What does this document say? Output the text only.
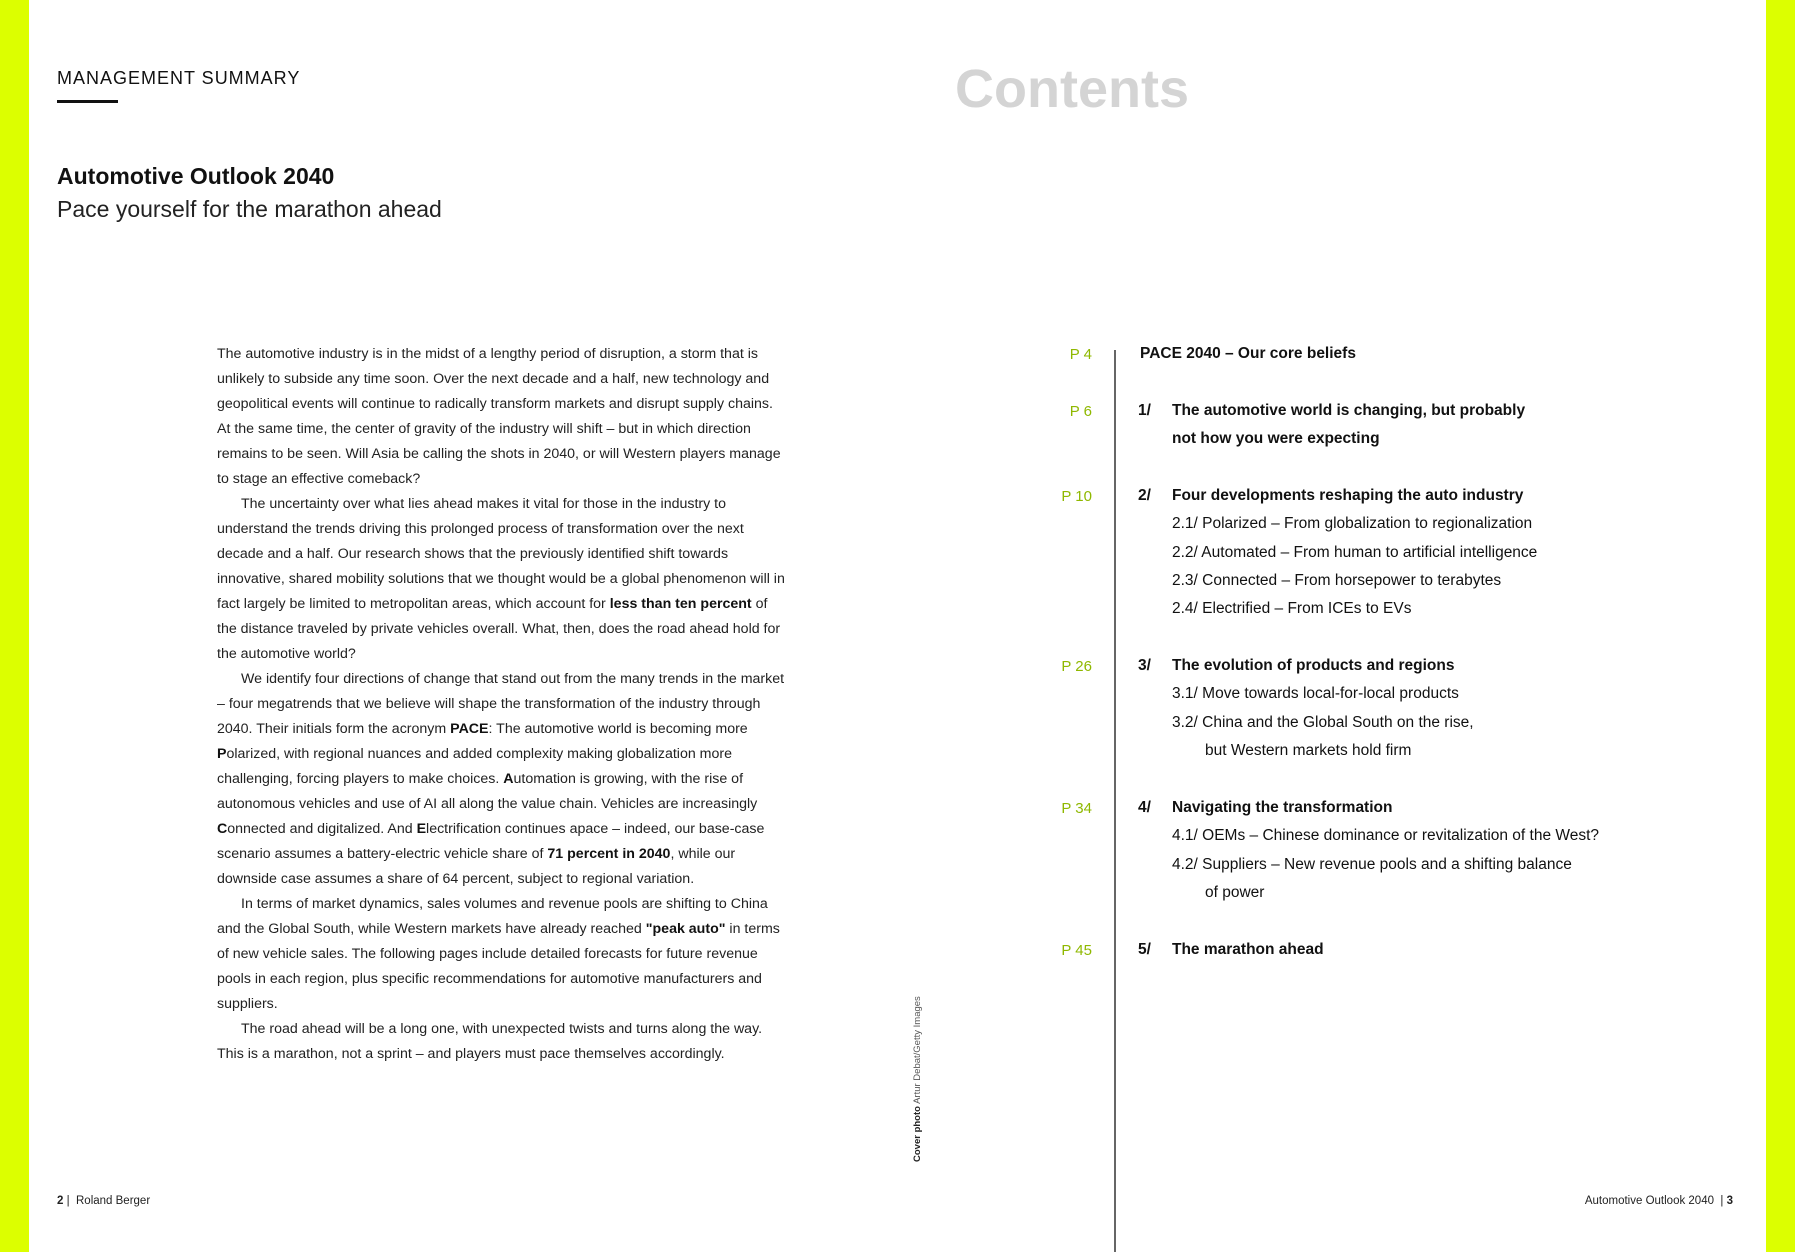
MANAGEMENT SUMMARY
Automotive Outlook 2040
Pace yourself for the marathon ahead

The automotive industry is in the midst of a lengthy period of disruption, a storm that is unlikely to subside any time soon. Over the next decade and a half, new technology and geopolitical events will continue to radically transform markets and disrupt supply chains. At the same time, the center of gravity of the industry will shift – but in which direction remains to be seen. Will Asia be calling the shots in 2040, or will Western players manage to stage an effective comeback?

The uncertainty over what lies ahead makes it vital for those in the industry to understand the trends driving this prolonged process of transformation over the next decade and a half. Our research shows that the previously identified shift towards innovative, shared mobility solutions that we thought would be a global phenomenon will in fact largely be limited to metropolitan areas, which account for less than ten percent of the distance traveled by private vehicles overall. What, then, does the road ahead hold for the automotive world?

We identify four directions of change that stand out from the many trends in the market – four megatrends that we believe will shape the transformation of the industry through 2040. Their initials form the acronym PACE: The automotive world is becoming more Polarized, with regional nuances and added complexity making globalization more challenging, forcing players to make choices. Automation is growing, with the rise of autonomous vehicles and use of AI all along the value chain. Vehicles are increasingly Connected and digitalized. And Electrification continues apace – indeed, our base-case scenario assumes a battery-electric vehicle share of 71 percent in 2040, while our downside case assumes a share of 64 percent, subject to regional variation.

In terms of market dynamics, sales volumes and revenue pools are shifting to China and the Global South, while Western markets have already reached "peak auto" in terms of new vehicle sales. The following pages include detailed forecasts for future revenue pools in each region, plus specific recommendations for automotive manufacturers and suppliers.

The road ahead will be a long one, with unexpected twists and turns along the way. This is a marathon, not a sprint – and players must pace themselves accordingly.

Cover photo Artur Debat/Getty Images
2 | Roland Berger
Contents
P 4	PACE 2040 – Our core beliefs
P 6	1/ The automotive world is changing, but probably
not how you were expecting
P 10	2/ Four developments reshaping the auto industry
2.1/ Polarized – From globalization to regionalization
2.2/ Automated – From human to artificial intelligence
2.3/ Connected – From horsepower to terabytes
2.4/ Electrified – From ICEs to EVs
P 26	3/ The evolution of products and regions
3.1/ Move towards local-for-local products
3.2/ China and the Global South on the rise,
but Western markets hold firm
P 34	4/ Navigating the transformation
4.1/ OEMs – Chinese dominance or revitalization of the West?
4.2/ Suppliers – New revenue pools and a shifting balance
of power
P 45	5/ The marathon ahead
Automotive Outlook 2040 | 3
